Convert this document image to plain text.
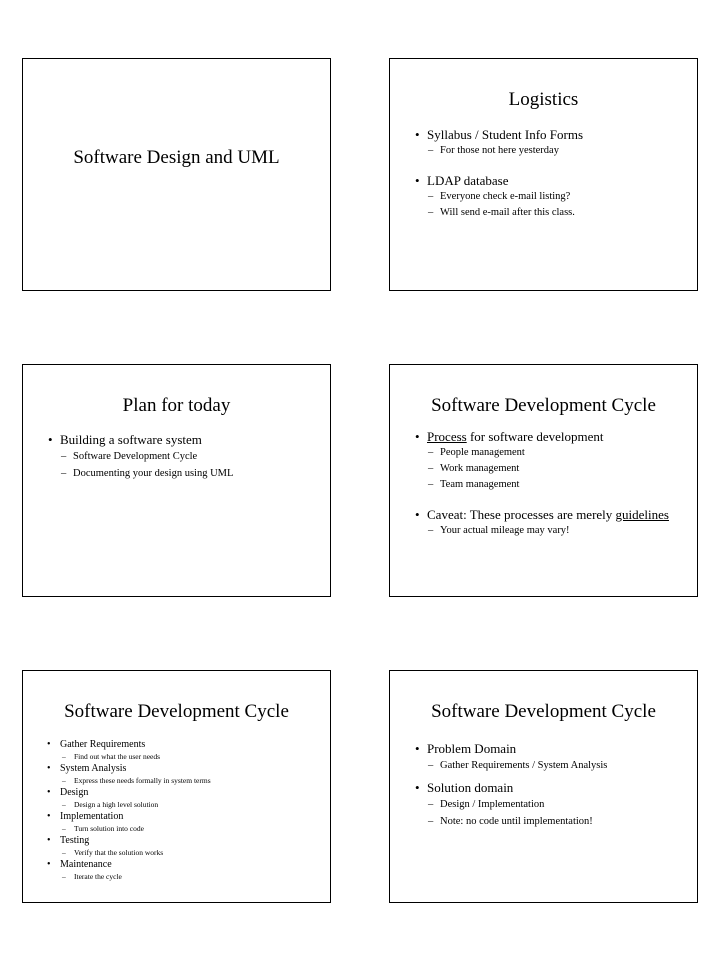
Software Design and UML
Logistics
• Syllabus / Student Info Forms
– For those not here yesterday
• LDAP database
– Everyone check e-mail listing?
– Will send e-mail after this class.
Plan for today
• Building a software system
– Software Development Cycle
– Documenting your design using UML
Software Development Cycle
• Process for software development
– People management
– Work management
– Team management
• Caveat: These processes are merely guidelines
– Your actual mileage may vary!
Software Development Cycle
• Gather Requirements
– Find out what the user needs
• System Analysis
– Express these needs formally in system terms
• Design
– Design a high level solution
• Implementation
– Turn solution into code
• Testing
– Verify that the solution works
• Maintenance
– Iterate the cycle
Software Development Cycle
• Problem Domain
– Gather Requirements / System Analysis
• Solution domain
– Design / Implementation
– Note: no code until implementation!
